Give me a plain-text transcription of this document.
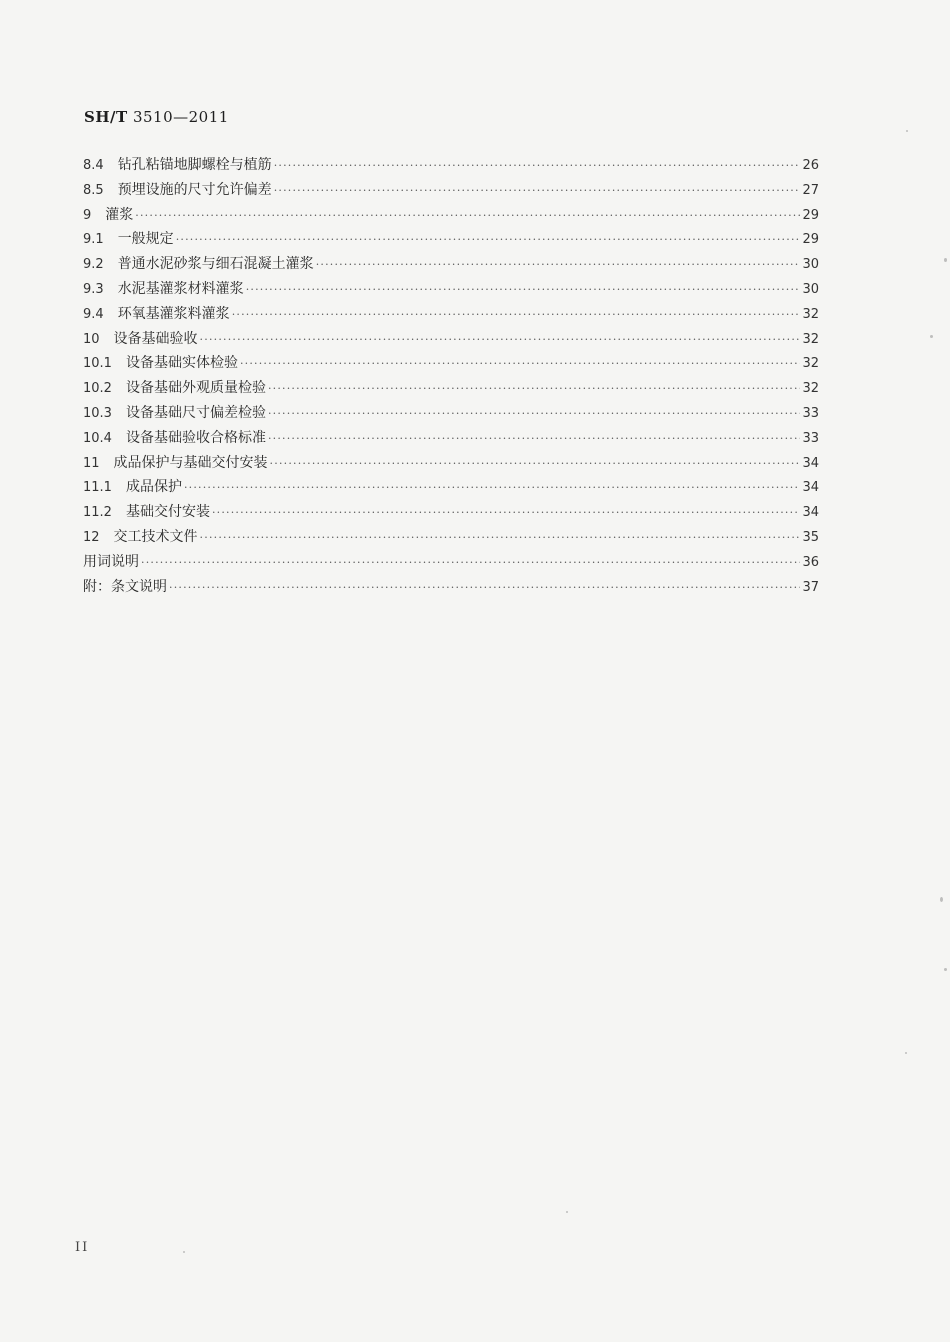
SH/T 3510—2011
8.4 钻孔粘锚地脚螺栓与植筋 ·····	26
8.5 预埋设施的尺寸允许偏差 ·····	27
9 灌浆 ·····	29
9.1 一般规定 ·····	29
9.2 普通水泥砂浆与细石混凝土灌浆 ·····	30
9.3 水泥基灌浆材料灌浆 ·····	30
9.4 环氧基灌浆料灌浆 ·····	32
10 设备基础验收 ·····	32
10.1 设备基础实体检验 ·····	32
10.2 设备基础外观质量检验 ·····	32
10.3 设备基础尺寸偏差检验 ·····	33
10.4 设备基础验收合格标准 ·····	33
11 成品保护与基础交付安装 ·····	34
11.1 成品保护 ·····	34
11.2 基础交付安装 ·····	34
12 交工技术文件 ·····	35
用词说明 ·····	36
附：条文说明 ·····	37
II
